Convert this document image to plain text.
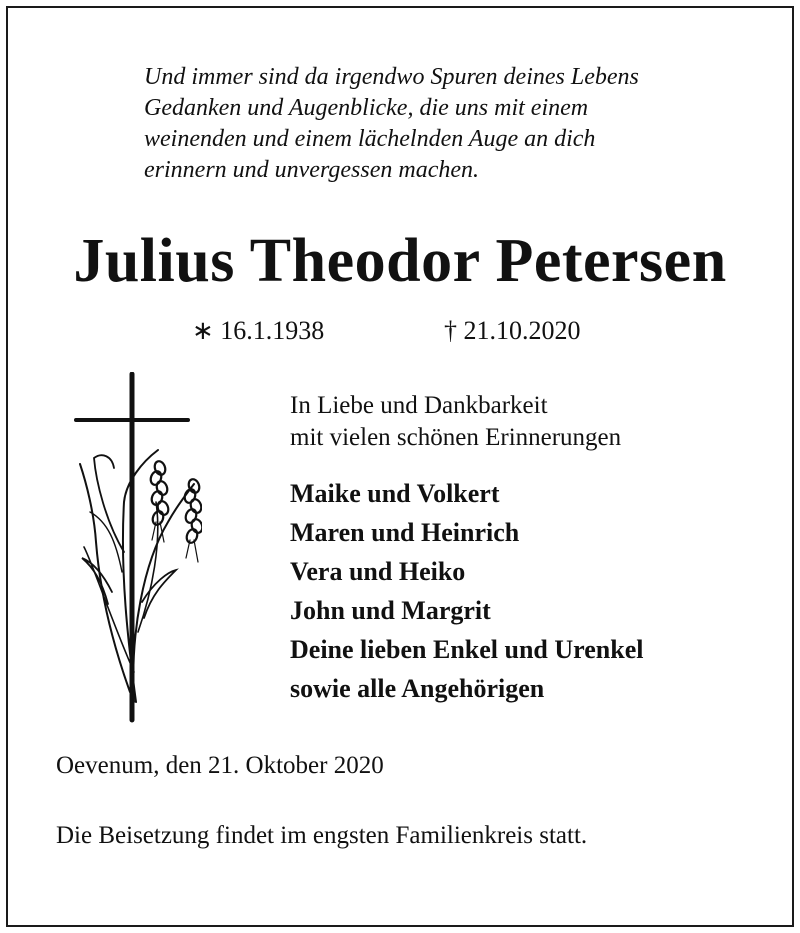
Und immer sind da irgendwo Spuren deines Lebens
Gedanken und Augenblicke, die uns mit einem
weinenden und einem lächelnden Auge an dich
erinnern und unvergessen machen.
Julius Theodor Petersen
∗ 16.1.1938	† 21.10.2020
In Liebe und Dankbarkeit
mit vielen schönen Erinnerungen
Maike und Volkert
Maren und Heinrich
Vera und Heiko
John und Margrit
Deine lieben Enkel und Urenkel
sowie alle Angehörigen
Oevenum, den 21. Oktober 2020
Die Beisetzung findet im engsten Familienkreis statt.
